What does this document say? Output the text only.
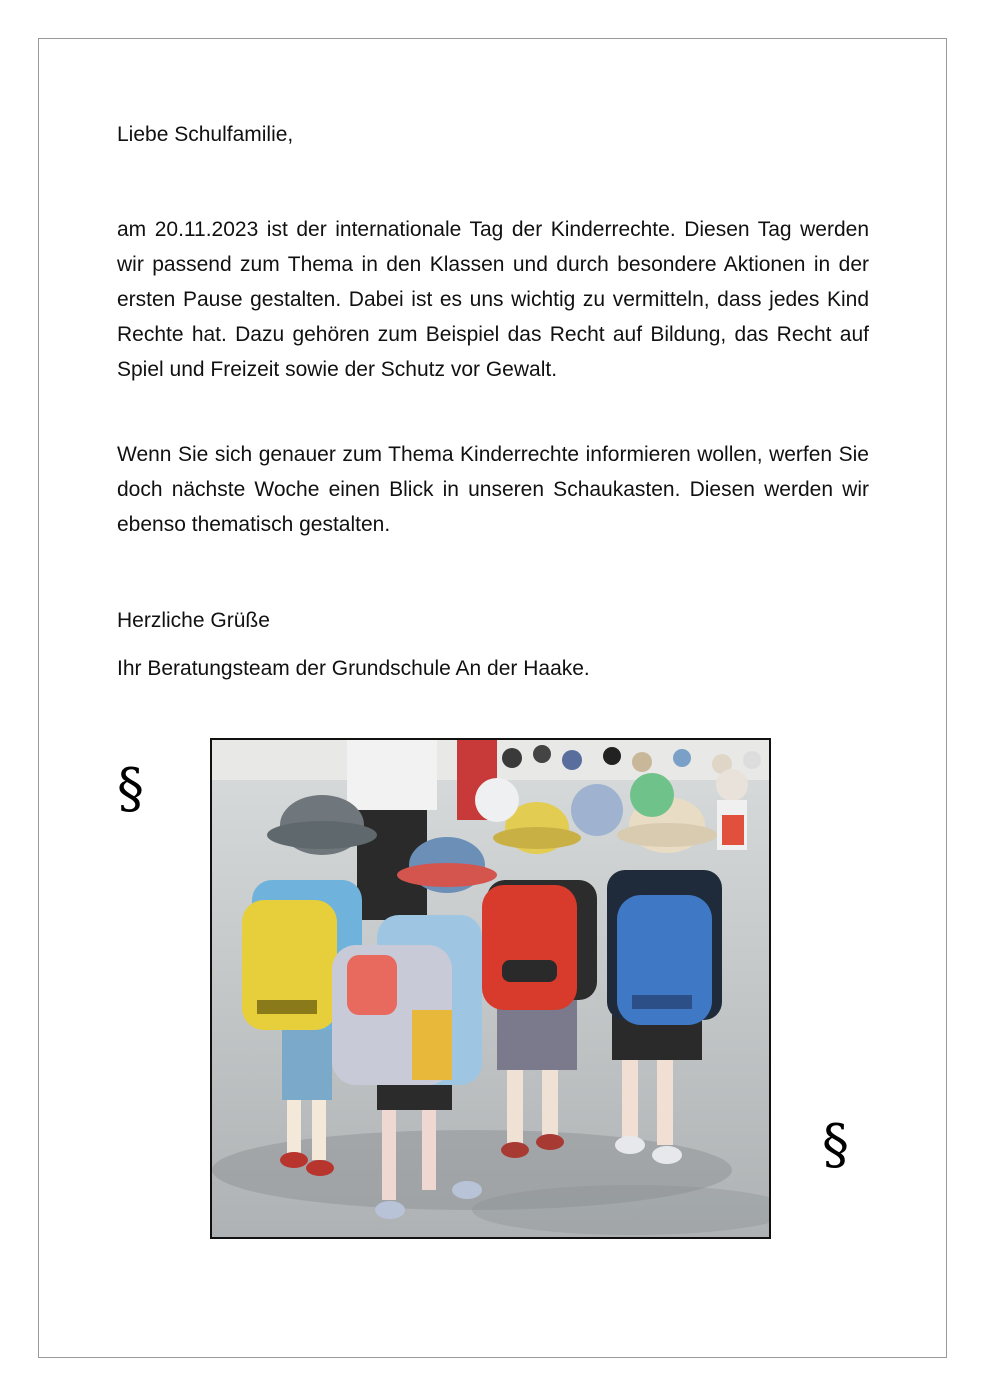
Liebe Schulfamilie,

am 20.11.2023 ist der internationale Tag der Kinderrechte. Diesen Tag werden wir passend zum Thema in den Klassen und durch besondere Aktionen in der ersten Pause gestalten. Dabei ist es uns wichtig zu vermitteln, dass jedes Kind Rechte hat. Dazu gehören zum Beispiel das Recht auf Bildung, das Recht auf Spiel und Freizeit sowie der Schutz vor Gewalt.

Wenn Sie sich genauer zum Thema Kinderrechte informieren wollen, werfen Sie doch nächste Woche einen Blick in unseren Schaukasten. Diesen werden wir ebenso thematisch gestalten.

Herzliche Grüße

Ihr Beratungsteam der Grundschule An der Haake.

§
§
